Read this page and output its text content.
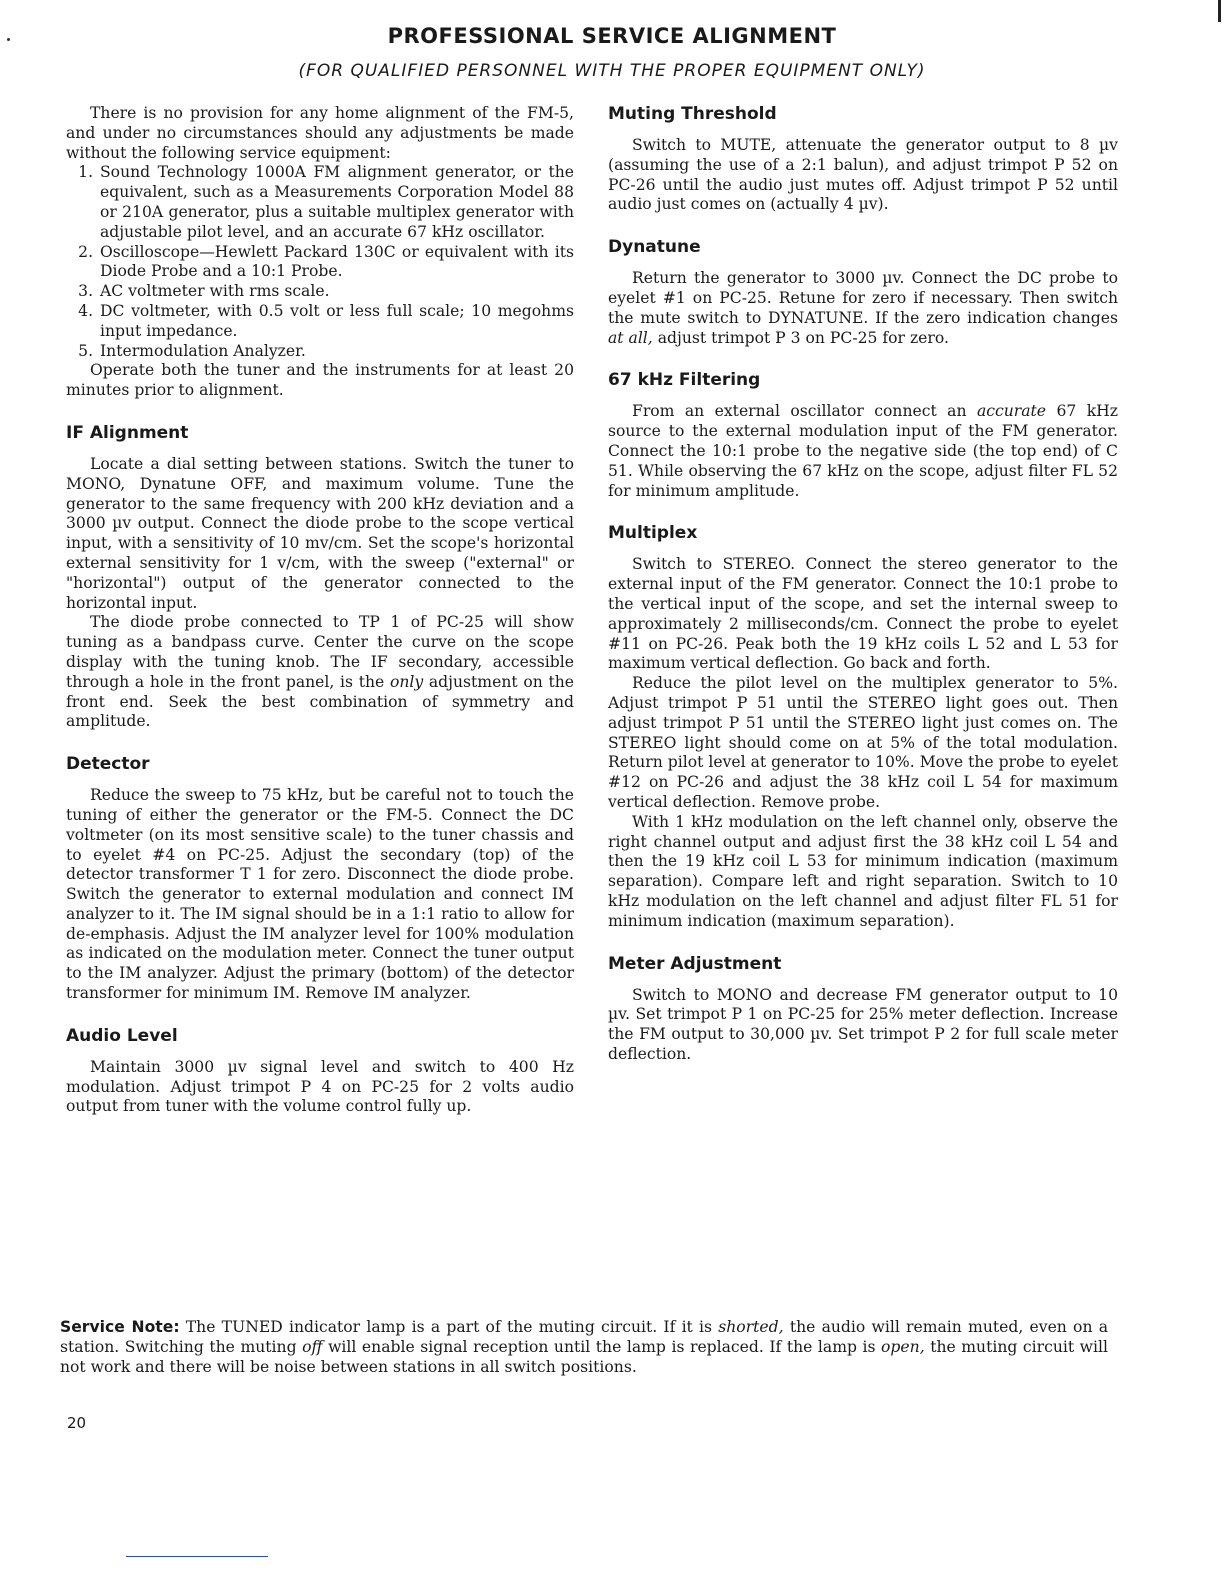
PROFESSIONAL SERVICE ALIGNMENT
(FOR QUALIFIED PERSONNEL WITH THE PROPER EQUIPMENT ONLY)

There is no provision for any home alignment of the FM-5, and under no circumstances should any adjustments be made without the following service equipment:

1. Sound Technology 1000A FM alignment generator, or the equivalent, such as a Measurements Corporation Model 88 or 210A generator, plus a suitable multiplex generator with adjustable pilot level, and an accurate 67 kHz oscillator.
2. Oscilloscope—Hewlett Packard 130C or equivalent with its Diode Probe and a 10:1 Probe.
3. AC voltmeter with rms scale.
4. DC voltmeter, with 0.5 volt or less full scale; 10 megohms input impedance.
5. Intermodulation Analyzer.

Operate both the tuner and the instruments for at least 20 minutes prior to alignment.

IF Alignment

Locate a dial setting between stations. Switch the tuner to MONO, Dynatune OFF, and maximum volume. Tune the generator to the same frequency with 200 kHz deviation and a 3000 µv output. Connect the diode probe to the scope vertical input, with a sensitivity of 10 mv/cm. Set the scope's horizontal external sensitivity for 1 v/cm, with the sweep ("external" or "horizontal") output of the generator connected to the horizontal input.

The diode probe connected to TP 1 of PC-25 will show tuning as a bandpass curve. Center the curve on the scope display with the tuning knob. The IF secondary, accessible through a hole in the front panel, is the only adjustment on the front end. Seek the best combination of symmetry and amplitude.

Detector

Reduce the sweep to 75 kHz, but be careful not to touch the tuning of either the generator or the FM-5. Connect the DC voltmeter (on its most sensitive scale) to the tuner chassis and to eyelet #4 on PC-25. Adjust the secondary (top) of the detector transformer T 1 for zero. Disconnect the diode probe. Switch the generator to external modulation and connect IM analyzer to it. The IM signal should be in a 1:1 ratio to allow for de-emphasis. Adjust the IM analyzer level for 100% modulation as indicated on the modulation meter. Connect the tuner output to the IM analyzer. Adjust the primary (bottom) of the detector transformer for minimum IM. Remove IM analyzer.

Audio Level

Maintain 3000 µv signal level and switch to 400 Hz modulation. Adjust trimpot P 4 on PC-25 for 2 volts audio output from tuner with the volume control fully up.

Muting Threshold

Switch to MUTE, attenuate the generator output to 8 µv (assuming the use of a 2:1 balun), and adjust trimpot P 52 on PC-26 until the audio just mutes off. Adjust trimpot P 52 until audio just comes on (actually 4 µv).

Dynatune

Return the generator to 3000 µv. Connect the DC probe to eyelet #1 on PC-25. Retune for zero if necessary. Then switch the mute switch to DYNATUNE. If the zero indication changes at all, adjust trimpot P 3 on PC-25 for zero.

67 kHz Filtering

From an external oscillator connect an accurate 67 kHz source to the external modulation input of the FM generator. Connect the 10:1 probe to the negative side (the top end) of C 51. While observing the 67 kHz on the scope, adjust filter FL 52 for minimum amplitude.

Multiplex

Switch to STEREO. Connect the stereo generator to the external input of the FM generator. Connect the 10:1 probe to the vertical input of the scope, and set the internal sweep to approximately 2 milliseconds/cm. Connect the probe to eyelet #11 on PC-26. Peak both the 19 kHz coils L 52 and L 53 for maximum vertical deflection. Go back and forth.

Reduce the pilot level on the multiplex generator to 5%. Adjust trimpot P 51 until the STEREO light goes out. Then adjust trimpot P 51 until the STEREO light just comes on. The STEREO light should come on at 5% of the total modulation. Return pilot level at generator to 10%. Move the probe to eyelet #12 on PC-26 and adjust the 38 kHz coil L 54 for maximum vertical deflection. Remove probe.

With 1 kHz modulation on the left channel only, observe the right channel output and adjust first the 38 kHz coil L 54 and then the 19 kHz coil L 53 for minimum indication (maximum separation). Compare left and right separation. Switch to 10 kHz modulation on the left channel and adjust filter FL 51 for minimum indication (maximum separation).

Meter Adjustment

Switch to MONO and decrease FM generator output to 10 µv. Set trimpot P 1 on PC-25 for 25% meter deflection. Increase the FM output to 30,000 µv. Set trimpot P 2 for full scale meter deflection.

Service Note: The TUNED indicator lamp is a part of the muting circuit. If it is shorted, the audio will remain muted, even on a station. Switching the muting off will enable signal reception until the lamp is replaced. If the lamp is open, the muting circuit will not work and there will be noise between stations in all switch positions.

20
